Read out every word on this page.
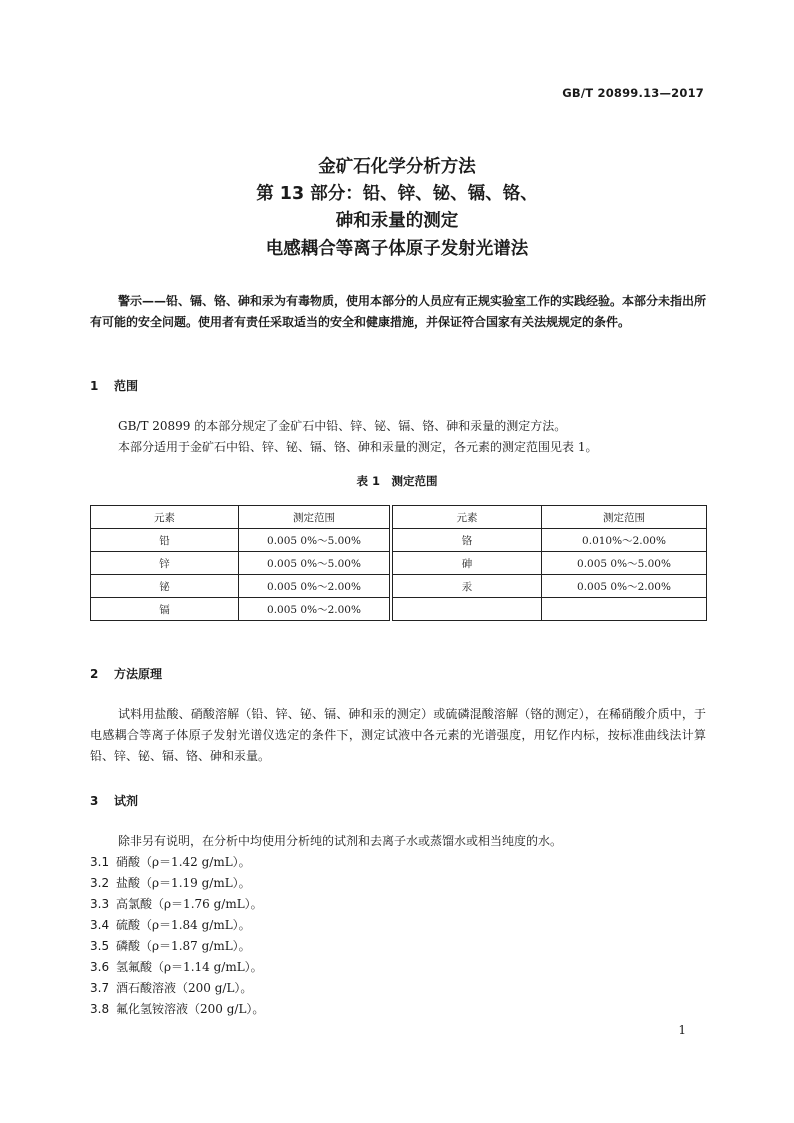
GB/T 20899.13—2017
金矿石化学分析方法
第 13 部分：铅、锌、铋、镉、铬、
砷和汞量的测定
电感耦合等离子体原子发射光谱法
警示——铅、镉、铬、砷和汞为有毒物质，使用本部分的人员应有正规实验室工作的实践经验。本部分未指出所有可能的安全问题。使用者有责任采取适当的安全和健康措施，并保证符合国家有关法规规定的条件。
1 范围
GB/T 20899 的本部分规定了金矿石中铅、锌、铋、镉、铬、砷和汞量的测定方法。
本部分适用于金矿石中铅、锌、铋、镉、铬、砷和汞量的测定，各元素的测定范围见表 1。
表 1　测定范围
元素	测定范围		元素	测定范围
铅	0.005 0%～5.00%		铬	0.010%～2.00%
锌	0.005 0%～5.00%		砷	0.005 0%～5.00%
铋	0.005 0%～2.00%		汞	0.005 0%～2.00%
镉	0.005 0%～2.00%			
2 方法原理
试料用盐酸、硝酸溶解（铅、锌、铋、镉、砷和汞的测定）或硫磷混酸溶解（铬的测定），在稀硝酸介质中，于电感耦合等离子体原子发射光谱仪选定的条件下，测定试液中各元素的光谱强度，用钇作内标，按标准曲线法计算铅、锌、铋、镉、铬、砷和汞量。
3 试剂
除非另有说明，在分析中均使用分析纯的试剂和去离子水或蒸馏水或相当纯度的水。
3.1 硝酸（ρ＝1.42 g/mL）。
3.2 盐酸（ρ＝1.19 g/mL）。
3.3 高氯酸（ρ＝1.76 g/mL）。
3.4 硫酸（ρ＝1.84 g/mL）。
3.5 磷酸（ρ＝1.87 g/mL）。
3.6 氢氟酸（ρ＝1.14 g/mL）。
3.7 酒石酸溶液（200 g/L）。
3.8 氟化氢铵溶液（200 g/L）。
1
